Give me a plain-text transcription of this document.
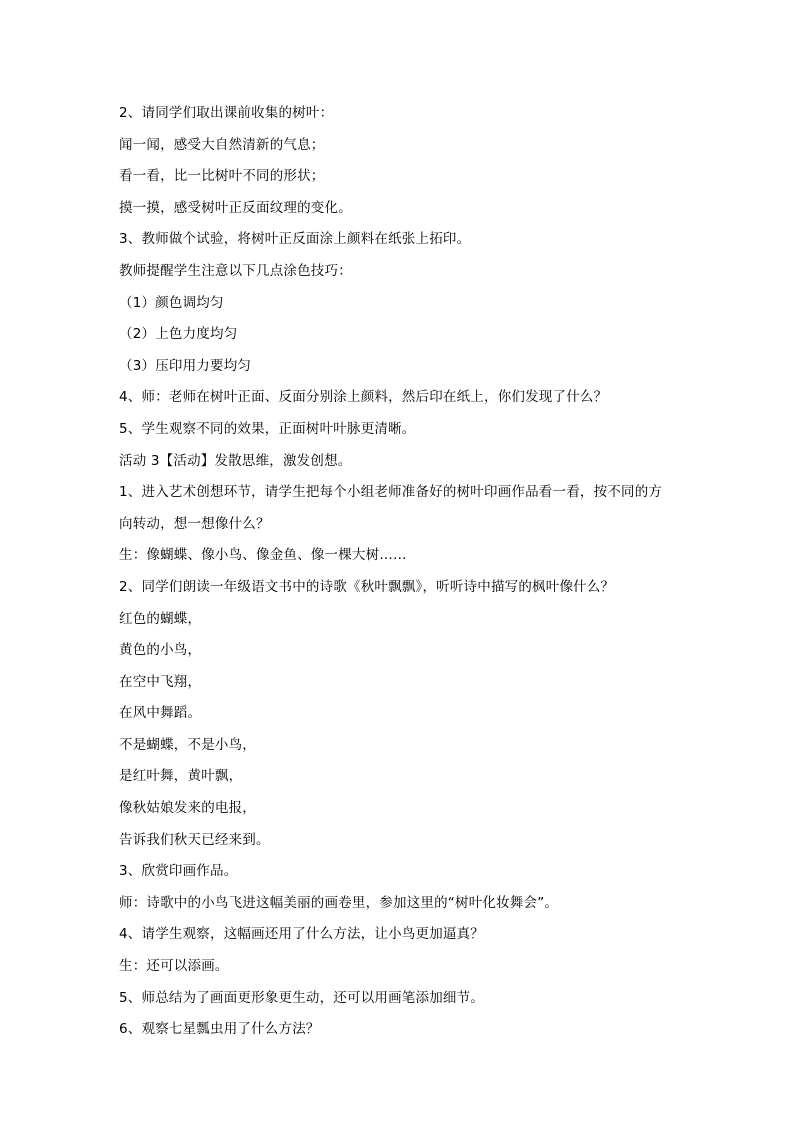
2、请同学们取出课前收集的树叶：
闻一闻，感受大自然清新的气息；
看一看，比一比树叶不同的形状；
摸一摸，感受树叶正反面纹理的变化。
3、教师做个试验，将树叶正反面涂上颜料在纸张上拓印。
教师提醒学生注意以下几点涂色技巧：
（1）颜色调均匀
（2）上色力度均匀
（3）压印用力要均匀
4、师：老师在树叶正面、反面分别涂上颜料，然后印在纸上，你们发现了什么？
5、学生观察不同的效果，正面树叶叶脉更清晰。
活动 3【活动】发散思维，激发创想。
1、进入艺术创想环节，请学生把每个小组老师准备好的树叶印画作品看一看，按不同的方
向转动，想一想像什么？
生：像蝴蝶、像小鸟、像金鱼、像一棵大树……
2、同学们朗读一年级语文书中的诗歌《秋叶飘飘》，听听诗中描写的枫叶像什么？
红色的蝴蝶，
黄色的小鸟，
在空中飞翔，
在风中舞蹈。
不是蝴蝶，不是小鸟，
是红叶舞，黄叶飘，
像秋姑娘发来的电报，
告诉我们秋天已经来到。
3、欣赏印画作品。
师：诗歌中的小鸟飞进这幅美丽的画卷里，参加这里的“树叶化妆舞会”。
4、请学生观察，这幅画还用了什么方法，让小鸟更加逼真？
生：还可以添画。
5、师总结为了画面更形象更生动，还可以用画笔添加细节。
6、观察七星瓢虫用了什么方法？
